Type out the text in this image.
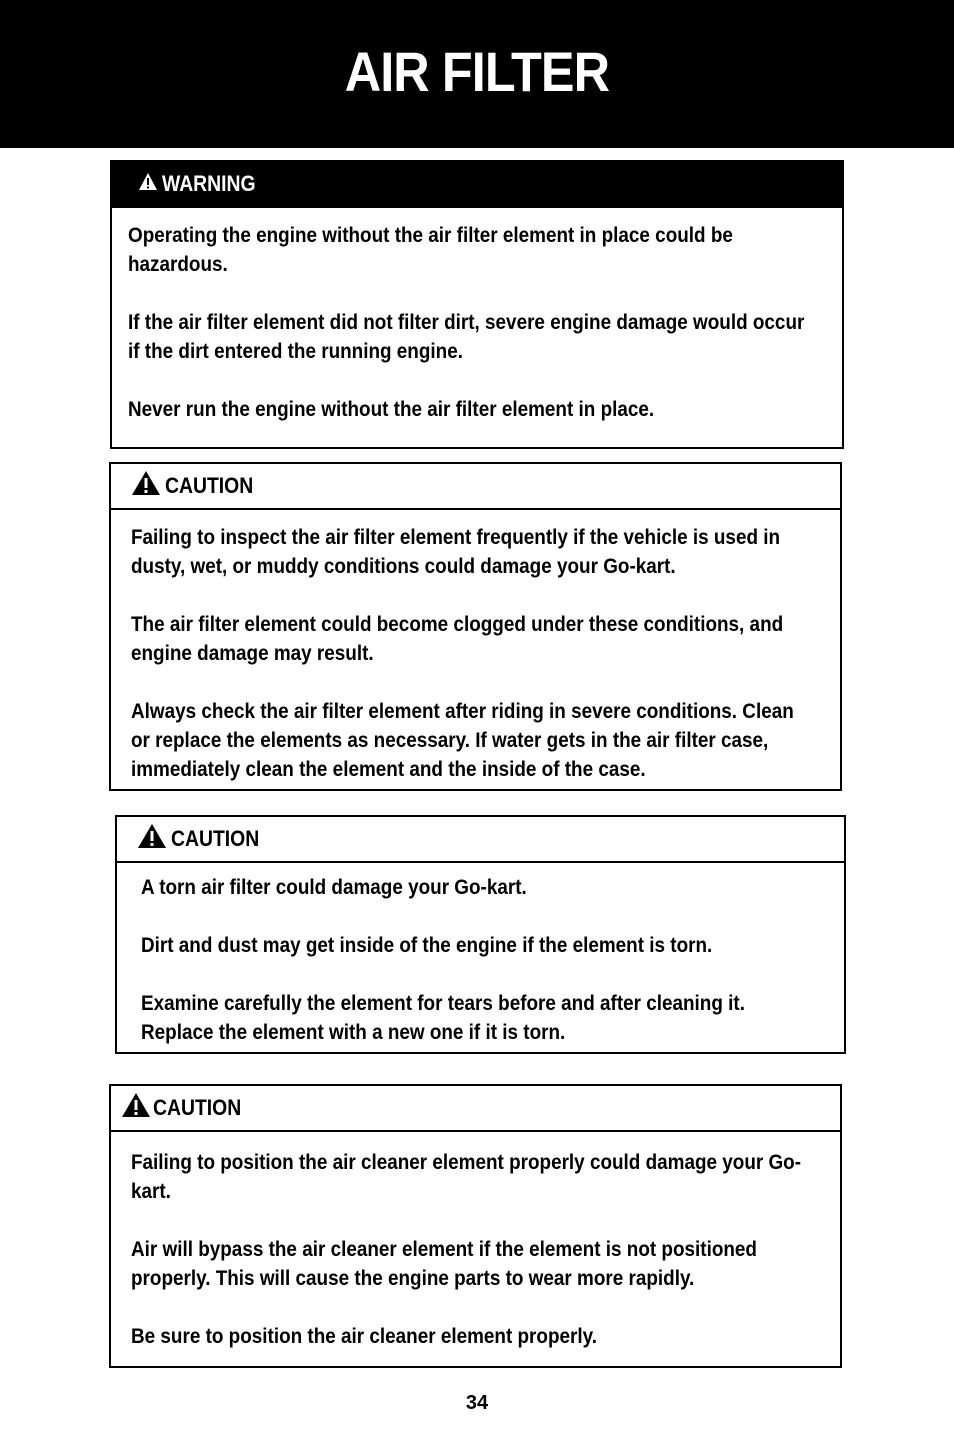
AIR FILTER
WARNING

Operating the engine without the air filter element in place could be hazardous.

If the air filter element did not filter dirt, severe engine damage would occur if the dirt entered the running engine.

Never run the engine without the air filter element in place.

CAUTION

Failing to inspect the air filter element frequently if the vehicle is used in dusty, wet, or muddy conditions could damage your Go-kart.

The air filter element could become clogged under these conditions, and engine damage may result.

Always check the air filter element after riding in severe conditions. Clean or replace the elements as necessary. If water gets in the air filter case, immediately clean the element and the inside of the case.

CAUTION

A torn air filter could damage your Go-kart.

Dirt and dust may get inside of the engine if the element is torn.

Examine carefully the element for tears before and after cleaning it. Replace the element with a new one if it is torn.

CAUTION

Failing to position the air cleaner element properly could damage your Go-kart.

Air will bypass the air cleaner element if the element is not positioned properly. This will cause the engine parts to wear more rapidly.

Be sure to position the air cleaner element properly.

34
